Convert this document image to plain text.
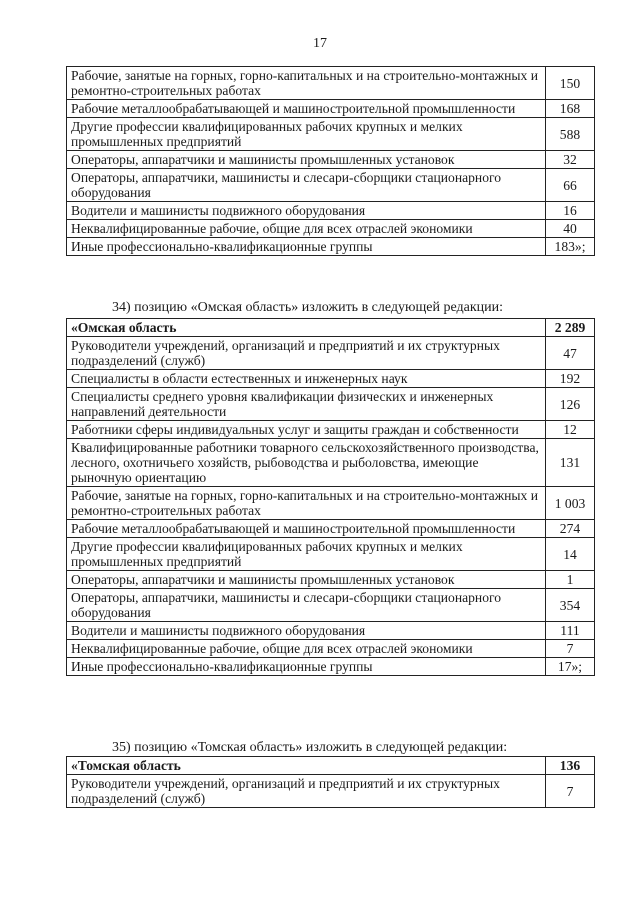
17
Рабочие, занятые на горных, горно-капитальных и на строительно-монтажных и ремонтно-строительных работах	150
Рабочие металлообрабатывающей и машиностроительной промышленности	168
Другие профессии квалифицированных рабочих крупных и мелких промышленных предприятий	588
Операторы, аппаратчики и машинисты промышленных установок	32
Операторы, аппаратчики, машинисты и слесари-сборщики стационарного оборудования	66
Водители и машинисты подвижного оборудования	16
Неквалифицированные рабочие, общие для всех отраслей экономики	40
Иные профессионально-квалификационные группы	183»;
34) позицию «Омская область» изложить в следующей редакции:
«Омская область	2 289
Руководители учреждений, организаций и предприятий и их структурных подразделений (служб)	47
Специалисты в области естественных и инженерных наук	192
Специалисты среднего уровня квалификации физических и инженерных направлений деятельности	126
Работники сферы индивидуальных услуг и защиты граждан и собственности	12
Квалифицированные работники товарного сельскохозяйственного производства, лесного, охотничьего хозяйств, рыбоводства и рыболовства, имеющие рыночную ориентацию	131
Рабочие, занятые на горных, горно-капитальных и на строительно-монтажных и ремонтно-строительных работах	1 003
Рабочие металлообрабатывающей и машиностроительной промышленности	274
Другие профессии квалифицированных рабочих крупных и мелких промышленных предприятий	14
Операторы, аппаратчики и машинисты промышленных установок	1
Операторы, аппаратчики, машинисты и слесари-сборщики стационарного оборудования	354
Водители и машинисты подвижного оборудования	111
Неквалифицированные рабочие, общие для всех отраслей экономики	7
Иные профессионально-квалификационные группы	17»;
35) позицию «Томская область» изложить в следующей редакции:
«Томская область	136
Руководители учреждений, организаций и предприятий и их структурных подразделений (служб)	7
